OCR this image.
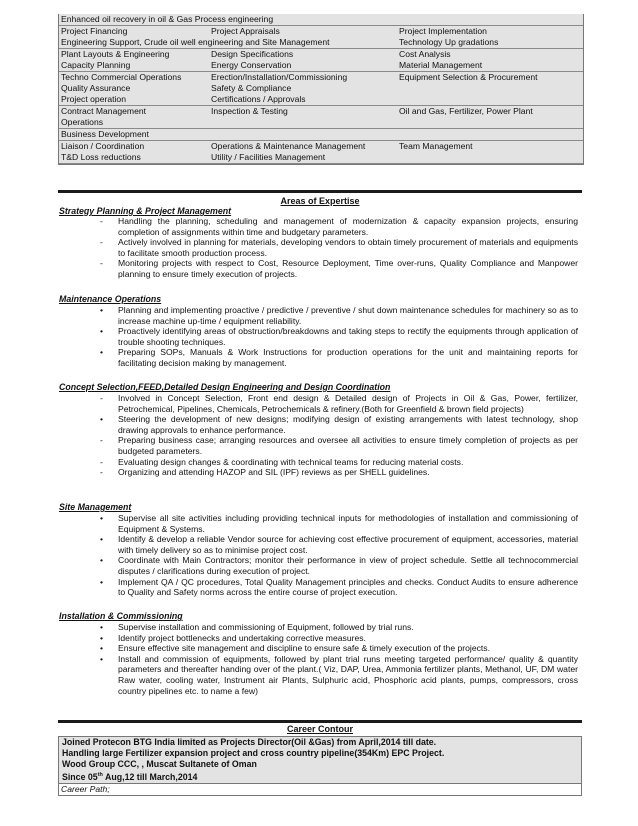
Enhanced oil recovery in oil & Gas Process engineering
Project Financing	Project Appraisals	Project Implementation
Engineering Support, Crude oil well engineering and Site Management	Technology Up gradations
Plant Layouts & Engineering	Design Specifications	Cost Analysis
Capacity Planning	Energy Conservation	Material Management
Techno Commercial Operations	Erection/Installation/Commissioning	Equipment Selection & Procurement
Quality Assurance	Safety & Compliance
Project operation	Certifications / Approvals
Contract Management	Inspection & Testing	Oil and Gas, Fertilizer, Power Plant
Operations
Business Development
Liaison / Coordination	Operations & Maintenance Management	Team Management
T&D Loss reductions	Utility / Facilities Management
Areas of Expertise
Strategy Planning & Project Management
-	Handling the planning, scheduling and management of modernization & capacity expansion projects, ensuring completion of assignments within time and budgetary parameters.
-	Actively involved in planning for materials, developing vendors to obtain timely procurement of materials and equipments to facilitate smooth production process.
-	Monitoring projects with respect to Cost, Resource Deployment, Time over-runs, Quality Compliance and Manpower planning to ensure timely execution of projects.
Maintenance Operations
•	Planning and implementing proactive / predictive / preventive / shut down maintenance schedules for machinery so as to increase machine up-time / equipment reliability.
•	Proactively identifying areas of obstruction/breakdowns and taking steps to rectify the equipments through application of trouble shooting techniques.
•	Preparing SOPs, Manuals & Work Instructions for production operations for the unit and maintaining reports for facilitating decision making by management.
Concept Selection,FEED,Detailed Design Engineering and Design Coordination
-	Involved in Concept Selection, Front end design & Detailed design of Projects in Oil & Gas, Power, fertilizer, Petrochemical, Pipelines, Chemicals, Petrochemicals & refinery.(Both for Greenfield & brown field projects)
•	Steering the development of new designs; modifying design of existing arrangements with latest technology, shop drawing approvals to enhance performance.
-	Preparing business case; arranging resources and oversee all activities to ensure timely completion of projects as per budgeted parameters.
-	Evaluating design changes & coordinating with technical teams for reducing material costs.
-	Organizing and attending HAZOP and SIL (IPF) reviews as per SHELL guidelines.
Site Management
•	Supervise all site activities including providing technical inputs for methodologies of installation and commissioning of Equipment & Systems.
•	Identify & develop a reliable Vendor source for achieving cost effective procurement of equipment, accessories, material with timely delivery so as to minimise project cost.
•	Coordinate with Main Contractors; monitor their performance in view of project schedule. Settle all technocommercial disputes / clarifications during execution of project.
•	Implement QA / QC procedures, Total Quality Management principles and checks. Conduct Audits to ensure adherence to Quality and Safety norms across the entire course of project execution.
Installation & Commissioning
•	Supervise installation and commissioning of Equipment, followed by trial runs.
•	Identify project bottlenecks and undertaking corrective measures.
•	Ensure effective site management and discipline to ensure safe & timely execution of the projects.
•	Install and commission of equipments, followed by plant trial runs meeting targeted performance/ quality & quantity parameters and thereafter handing over of the plant.( Viz, DAP, Urea, Ammonia fertilizer plants, Methanol, UF, DM water Raw water, cooling water, Instrument air Plants, Sulphuric acid, Phosphoric acid plants, pumps, compressors, cross country pipelines etc. to name a few)
Career Contour
Joined Protecon BTG India limited as Projects Director(Oil &Gas) from April,2014 till date.
Handling large Fertilizer expansion project and cross country pipeline(354Km) EPC Project.
Wood Group CCC, , Muscat Sultanete of Oman
Since 05th Aug,12 till March,2014
Career Path;
